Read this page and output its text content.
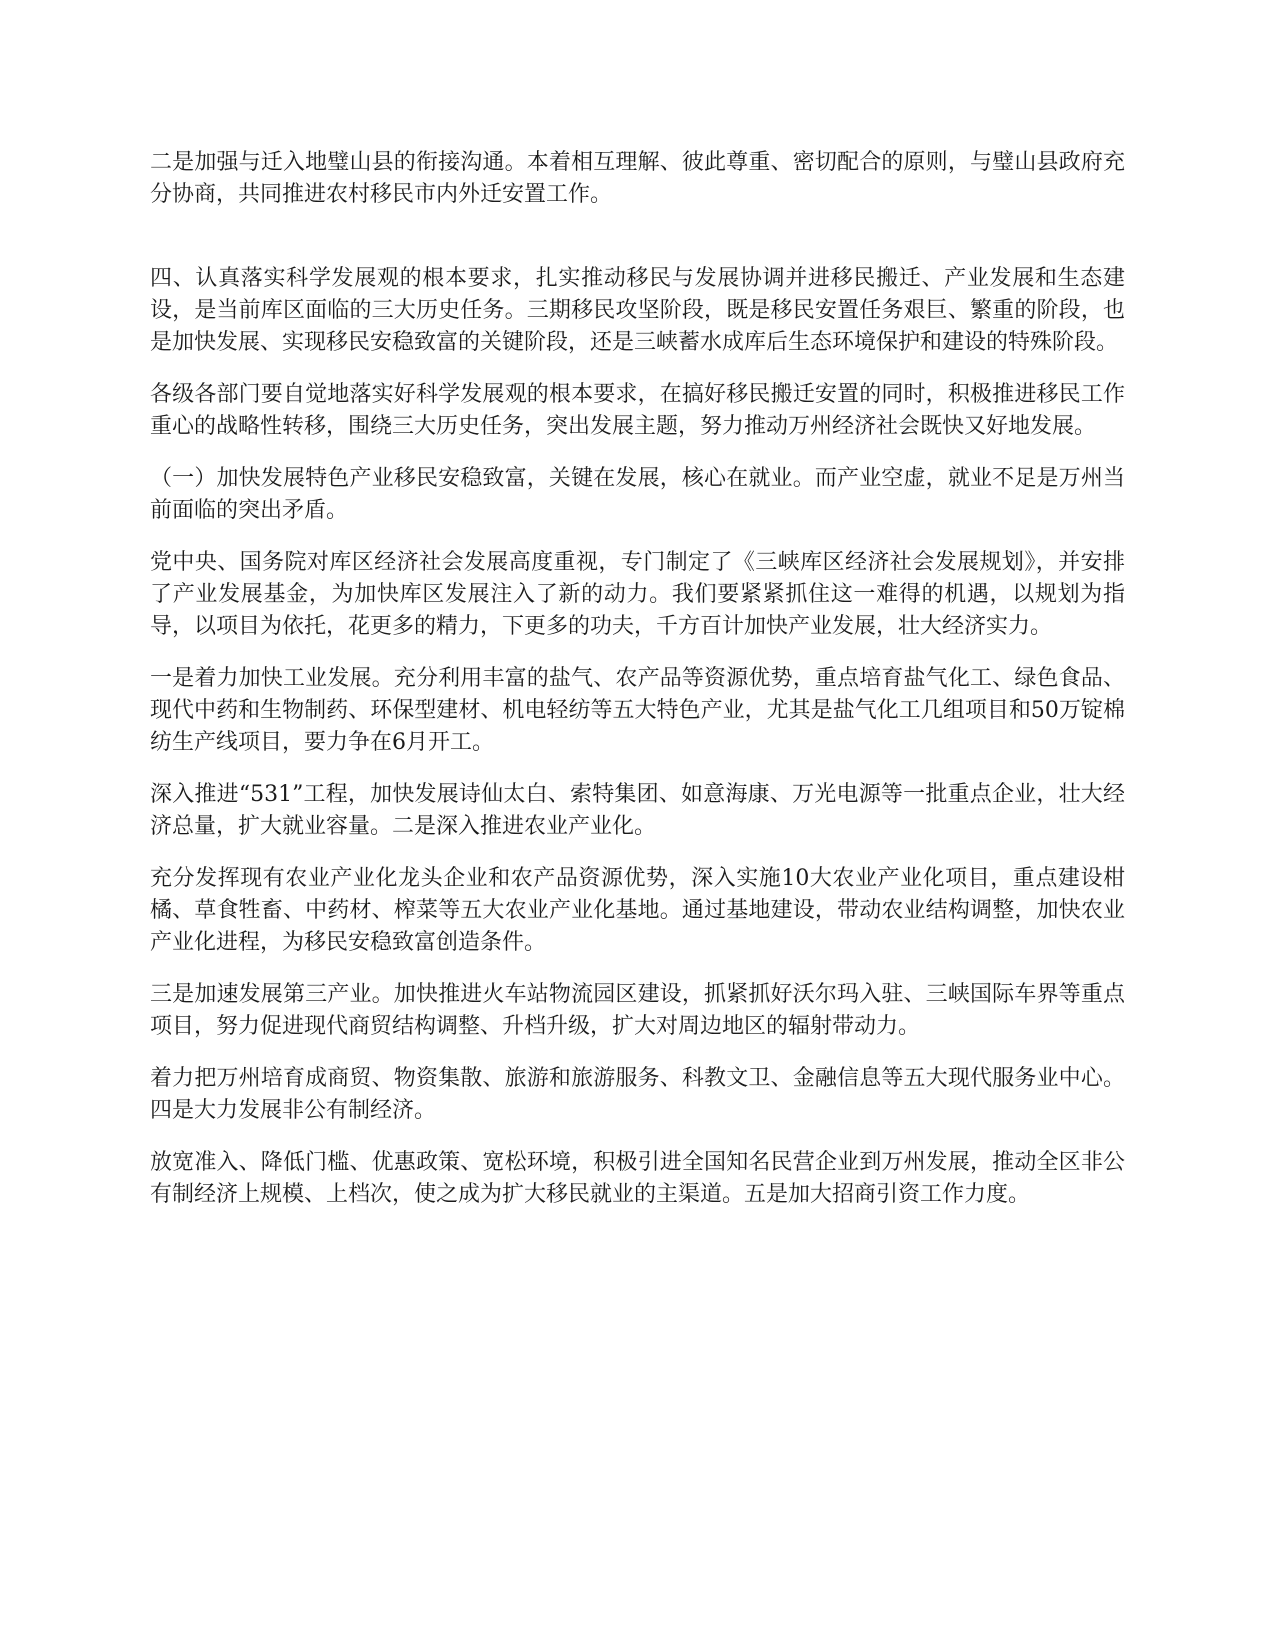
二是加强与迁入地璧山县的衔接沟通。本着相互理解、彼此尊重、密切配合的原则，与璧山县政府充分协商，共同推进农村移民市内外迁安置工作。

四、认真落实科学发展观的根本要求，扎实推动移民与发展协调并进移民搬迁、产业发展和生态建设，是当前库区面临的三大历史任务。三期移民攻坚阶段，既是移民安置任务艰巨、繁重的阶段，也是加快发展、实现移民安稳致富的关键阶段，还是三峡蓄水成库后生态环境保护和建设的特殊阶段。

各级各部门要自觉地落实好科学发展观的根本要求，在搞好移民搬迁安置的同时，积极推进移民工作重心的战略性转移，围绕三大历史任务，突出发展主题，努力推动万州经济社会既快又好地发展。

（一）加快发展特色产业移民安稳致富，关键在发展，核心在就业。而产业空虚，就业不足是万州当前面临的突出矛盾。

党中央、国务院对库区经济社会发展高度重视，专门制定了《三峡库区经济社会发展规划》，并安排了产业发展基金，为加快库区发展注入了新的动力。我们要紧紧抓住这一难得的机遇，以规划为指导，以项目为依托，花更多的精力，下更多的功夫，千方百计加快产业发展，壮大经济实力。

一是着力加快工业发展。充分利用丰富的盐气、农产品等资源优势，重点培育盐气化工、绿色食品、现代中药和生物制药、环保型建材、机电轻纺等五大特色产业，尤其是盐气化工几组项目和50万锭棉纺生产线项目，要力争在6月开工。

深入推进“531”工程，加快发展诗仙太白、索特集团、如意海康、万光电源等一批重点企业，壮大经济总量，扩大就业容量。二是深入推进农业产业化。

充分发挥现有农业产业化龙头企业和农产品资源优势，深入实施10大农业产业化项目，重点建设柑橘、草食牲畜、中药材、榨菜等五大农业产业化基地。通过基地建设，带动农业结构调整，加快农业产业化进程，为移民安稳致富创造条件。

三是加速发展第三产业。加快推进火车站物流园区建设，抓紧抓好沃尔玛入驻、三峡国际车界等重点项目，努力促进现代商贸结构调整、升档升级，扩大对周边地区的辐射带动力。

着力把万州培育成商贸、物资集散、旅游和旅游服务、科教文卫、金融信息等五大现代服务业中心。四是大力发展非公有制经济。

放宽准入、降低门槛、优惠政策、宽松环境，积极引进全国知名民营企业到万州发展，推动全区非公有制经济上规模、上档次，使之成为扩大移民就业的主渠道。五是加大招商引资工作力度。
